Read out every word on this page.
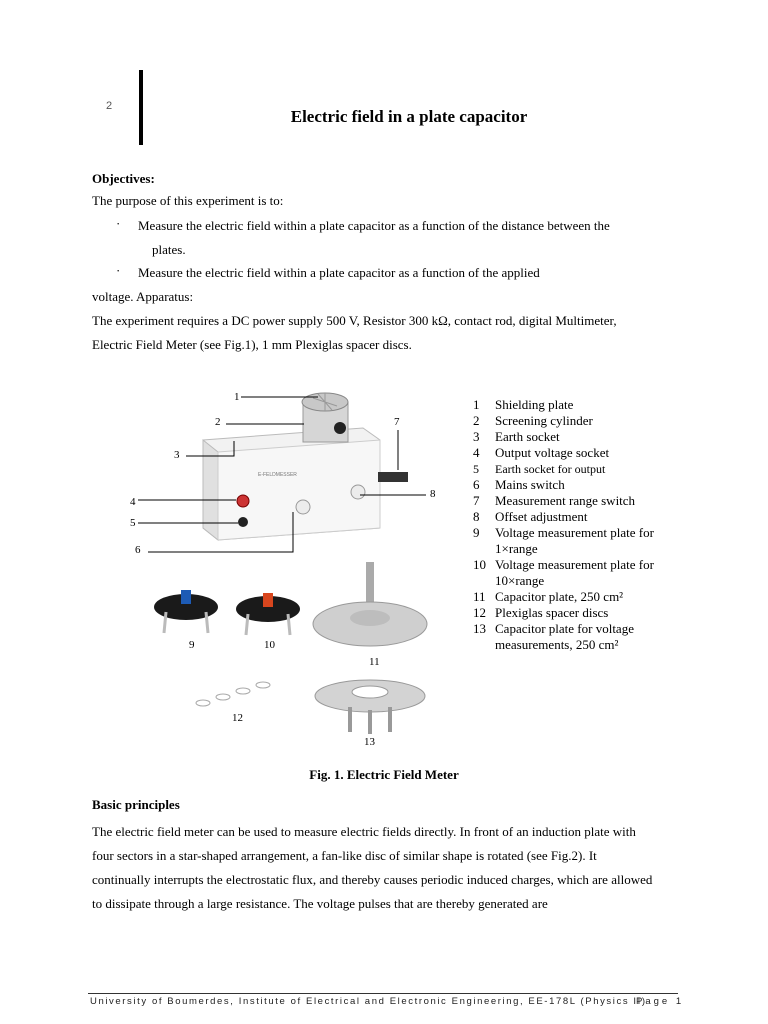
2
Electric field in a plate capacitor
Objectives:
The purpose of this experiment is to:
· Measure the electric field within a plate capacitor as a function of the distance between the
plates.
· Measure the electric field within a plate capacitor as a function of the applied
voltage. Apparatus:
The experiment requires a DC power supply 500 V, Resistor 300 kΩ, contact rod, digital Multimeter,
Electric Field Meter (see Fig.1), 1 mm Plexiglas spacer discs.
E-FELDMESSER
1
2
3
4
5
6
7
8
9	10
11
12
13
1	Shielding plate
2	Screening cylinder
3	Earth socket
4	Output voltage socket
5	Earth socket for output
6	Mains switch
7	Measurement range switch
8	Offset adjustment
9	Voltage measurement plate for 1×range
10 Voltage measurement plate for 10×range
11 Capacitor plate, 250 cm²
12 Plexiglas spacer discs
13 Capacitor plate for voltage measurements, 250 cm²
Fig. 1. Electric Field Meter
Basic principles
The electric field meter can be used to measure electric fields directly. In front of an induction plate with
four sectors in a star-shaped arrangement, a fan-like disc of similar shape is rotated (see Fig.2). It
continually interrupts the electrostatic flux, and thereby causes periodic induced charges, which are allowed
to dissipate through a large resistance. The voltage pulses that are thereby generated are
University of Boumerdes, Institute of Electrical and Electronic Engineering, EE-178L (Physics II)
Page 1
